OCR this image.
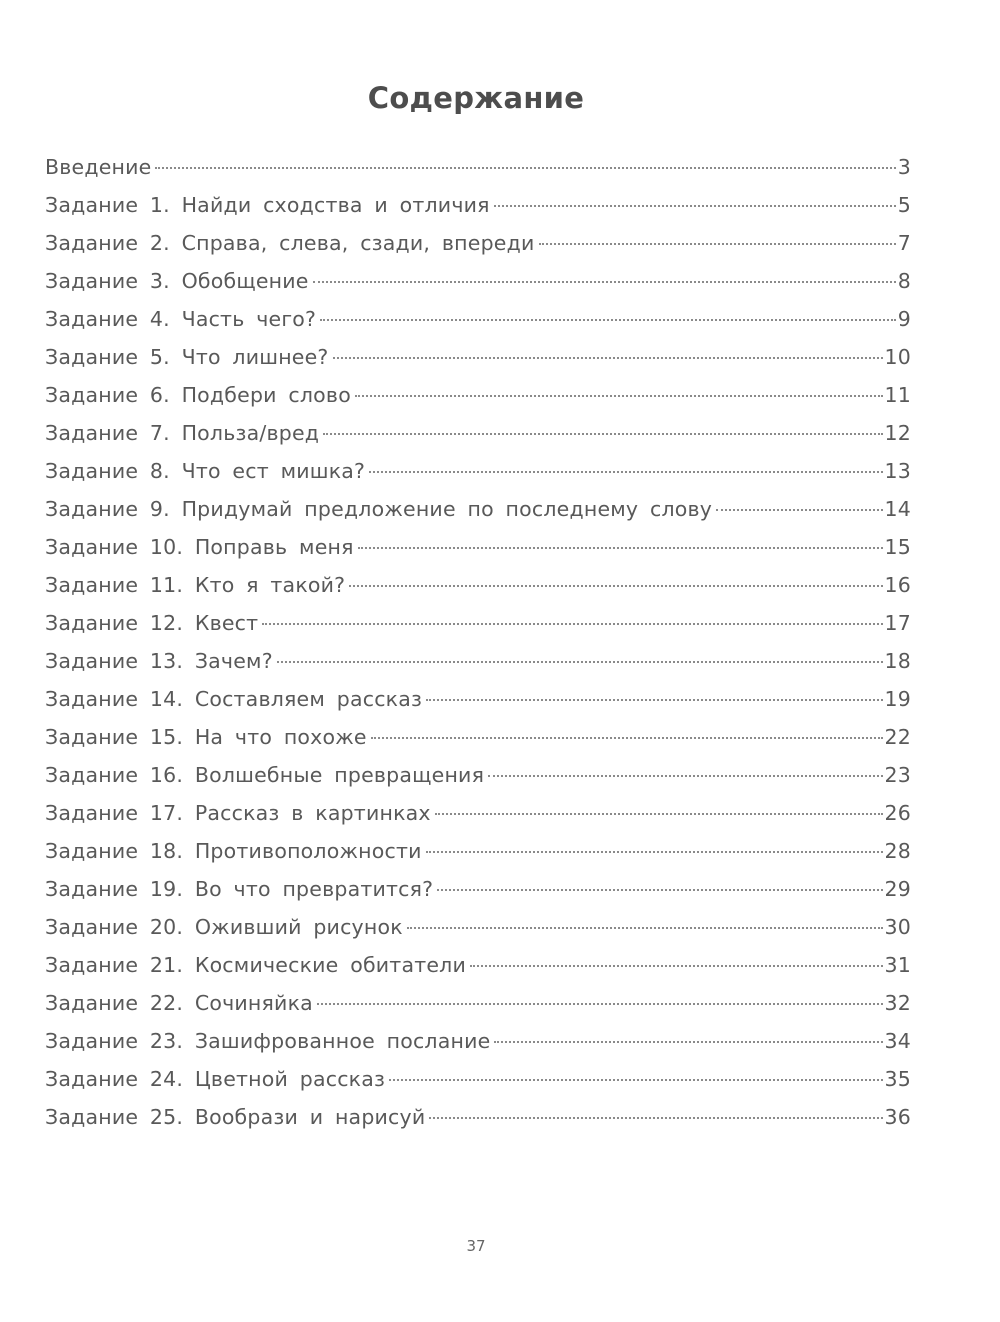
Содержание
Введение	3
Задание 1. Найди сходства и отличия	5
Задание 2. Справа, слева, сзади, впереди	7
Задание 3. Обобщение	8
Задание 4. Часть чего?	9
Задание 5. Что лишнее?	10
Задание 6. Подбери слово	11
Задание 7. Польза/вред	12
Задание 8. Что ест мишка?	13
Задание 9. Придумай предложение по последнему слову	14
Задание 10. Поправь меня	15
Задание 11. Кто я такой?	16
Задание 12. Квест	17
Задание 13. Зачем?	18
Задание 14. Составляем рассказ	19
Задание 15. На что похоже	22
Задание 16. Волшебные превращения	23
Задание 17. Рассказ в картинках	26
Задание 18. Противоположности	28
Задание 19. Во что превратится?	29
Задание 20. Оживший рисунок	30
Задание 21. Космические обитатели	31
Задание 22. Сочиняйка	32
Задание 23. Зашифрованное послание	34
Задание 24. Цветной рассказ	35
Задание 25. Вообрази и нарисуй	36
37
